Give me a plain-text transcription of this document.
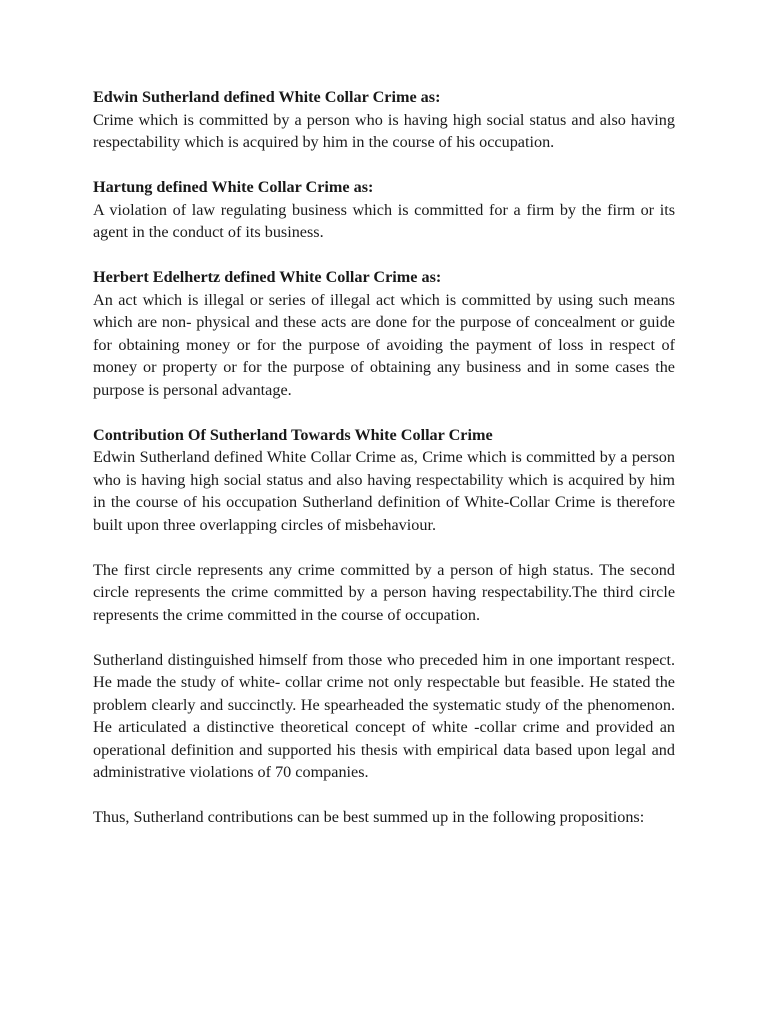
Edwin Sutherland defined White Collar Crime as:

Crime which is committed by a person who is having high social status and also having respectability which is acquired by him in the course of his occupation.

Hartung defined White Collar Crime as:

A violation of law regulating business which is committed for a firm by the firm or its agent in the conduct of its business.

Herbert Edelhertz defined White Collar Crime as:

An act which is illegal or series of illegal act which is committed by using such means which are non- physical and these acts are done for the purpose of concealment or guide for obtaining money or for the purpose of avoiding the payment of loss in respect of money or property or for the purpose of obtaining any business and in some cases the purpose is personal advantage.

Contribution Of Sutherland Towards White Collar Crime

Edwin Sutherland defined White Collar Crime as, Crime which is committed by a person who is having high social status and also having respectability which is acquired by him in the course of his occupation Sutherland definition of White-Collar Crime is therefore built upon three overlapping circles of misbehaviour.

The first circle represents any crime committed by a person of high status. The second circle represents the crime committed by a person having respectability.The third circle represents the crime committed in the course of occupation.

Sutherland distinguished himself from those who preceded him in one important respect. He made the study of white- collar crime not only respectable but feasible. He stated the problem clearly and succinctly. He spearheaded the systematic study of the phenomenon. He articulated a distinctive theoretical concept of white -collar crime and provided an operational definition and supported his thesis with empirical data based upon legal and administrative violations of 70 companies.

Thus, Sutherland contributions can be best summed up in the following propositions:
